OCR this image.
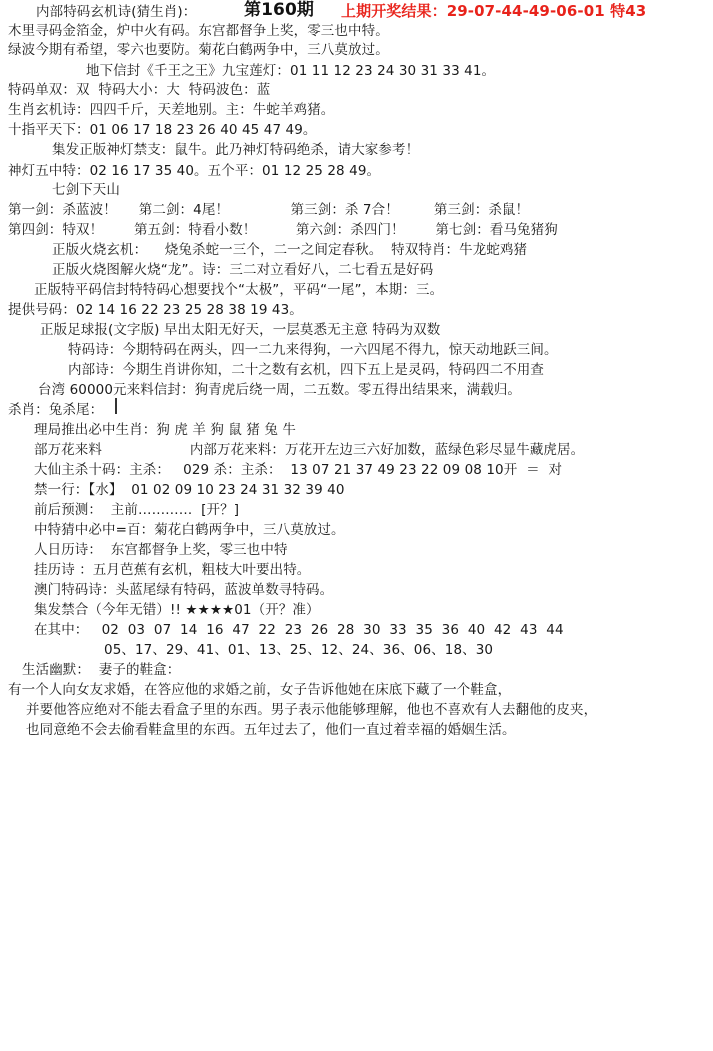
内部特码玄机诗(猜生肖)：	第160期 上期开奖结果：29-07-44-49-06-01 特43
木里寻码金箔金，炉中火有码。东宫都督争上奖，零三也中特。
绿波今期有希望，零六也要防。菊花白鹤两争中，三八莫放过。
地下信封《千王之王》九宝莲灯：01 11 12 23 24 30 31 33 41。
特码单双：双  特码大小：大  特码波色：蓝
生肖玄机诗：四四千斤，天差地别。主：牛蛇羊鸡猪。
十指平天下：01 06 17 18 23 26 40 45 47 49。
集发正版神灯禁支：鼠牛。此乃神灯特码绝杀，请大家参考！
神灯五中特：02 16 17 35 40。五个平：01 12 25 28 49。
七剑下天山
第一剑：杀蓝波！     第二剑：4尾！              第三剑：杀 7合！        第三剑：杀鼠！
第四剑：特双！       第五剑：特看小数！         第六剑：杀四门！       第七剑：看马兔猪狗
正版火烧玄机：    烧兔杀蛇一三个，二一之间定春秋。  特双特肖：牛龙蛇鸡猪
正版火烧图解火烧“龙”。诗：三二对立看好八，二七看五是好码
正版特平码信封特特码心想要找个“太极”，平码“一尾”，本期：三。
提供号码：02 14 16 22 23 25 28 38 19 43。
正版足球报(文字版) 早出太阳无好天，一层莫悉无主意 特码为双数
特码诗：今期特码在两头，四一二九来得狗，一六四尾不得九，惊天动地跃三间。
内部诗：今期生肖讲你知，二十之数有玄机，四下五上是灵码，特码四二不用查
台湾 60000元来料信封：狗青虎后绕一周，二五数。零五得出结果来，满载归。
杀肖：兔杀尾：
理局推出必中生肖：狗 虎 羊 狗 鼠 猪 兔 牛
部万花来料                    内部万花来料：万花开左边三六好加数，蓝绿色彩尽显牛藏虎居。
大仙主杀十码：主杀：   029 杀：主杀：  13 07 21 37 49 23 22 09 08 10开  ＝  对
禁一行：【水】  01 02 09 10 23 24 31 32 39 40
前后预测：  主前…………  [开？]
中特猜中必中=百：菊花白鹤两争中，三八莫放过。
人日历诗：  东宫都督争上奖，零三也中特
挂历诗 ：五月芭蕉有玄机，粗枝大叶要出特。
澳门特码诗：头蓝尾绿有特码，蓝波单数寻特码。
集发禁合（今年无错）!! ★★★★01（开？准）
在其中：   02  03  07  14  16  47  22  23  26  28  30  33  35  36  40  42  43  44
05、17、29、41、01、13、25、12、24、36、06、18、30
生活幽默：  妻子的鞋盒：
有一个人向女友求婚，在答应他的求婚之前，女子告诉他她在床底下藏了一个鞋盒，
并要他答应绝对不能去看盒子里的东西。男子表示他能够理解，他也不喜欢有人去翻他的皮夹，
也同意绝不会去偷看鞋盒里的东西。五年过去了，他们一直过着幸福的婚姻生活。
